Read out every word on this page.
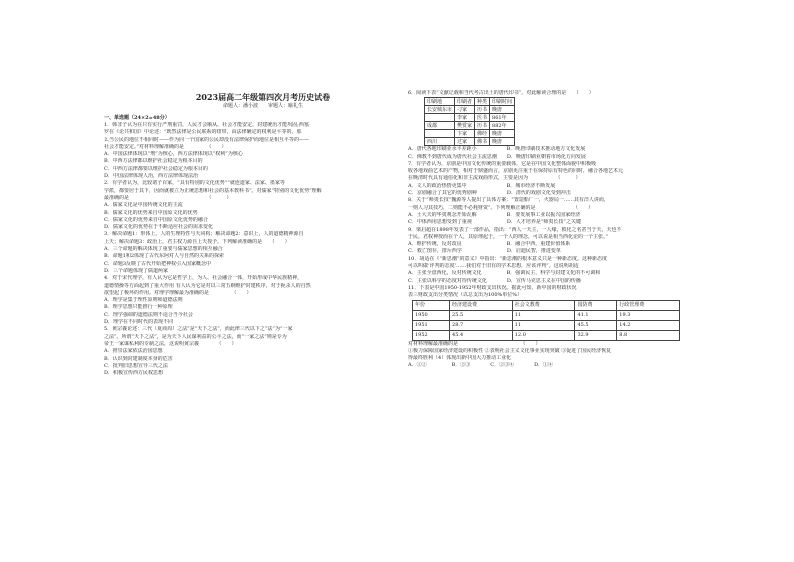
2023届高二年级第四次月考历史试卷
命题人：潘小波　　审题人：喻礼生
一、单选题（24×2=48分）
1．韩非子认为在只有实行严刑重罚，人民才会顺从，社会才能安定，封建统治才能巩固;西塞
罗在《论共和国》中论述：“既然法律是公民联系的纽带，由法律确定的权利是平等的，那
么当公民的地位不相同时——作为同一个国家的公民却没有法律保护而地位是相互平等的——
社会才能安定。”对材料理解准确的是　　　　　（　　）
A．中国法律体现以“刑”为核心，西方法律体现以“权利”为核心
B．中西方法律都以维护社会稳定为根本目的
C．中西方法律都要以维护社会稳定为根本目的
D．中国法律体现人治，西方法律体现法治
2．有学者认为，比较诸子百家，“具有特别的文化优势”“就连道家、法家、墨家等
学派，都要居于其下，因而就被立为正统思想和社会的基本教科书”。对儒家“特别的文化优势”理解
最准确的是　　　　　　　　　　　　　　　　（　　　）
A．儒家文化是中国传统文化的主流
B．儒家文化的优势来自中国原文化的优势
C．儒家文化的优势来自中国原文化优势的融合
D．儒家文化的优势在于不断适应社会的需求变化
3．解决命题1：形体上，人的生理特性与天同构；解决命题2：意识上，人的道德精神源自
上天；解决命题3：政治上，君主权力源自上天授予。下列解读准确的是　　（　　）
A．三个命题的解决体现了重要与儒家思想的相互融合
B．命题1和2体现了古代东阿对人与自然的关系的探索
C．命题3反映了古代开始把神权引入国家概念中
D．三个命题体现了儒道两家
4．对于宋代理学，有人认为它是哲学上，为人、社会融合一体，开始形成中华民族精神，
道德情操等方面起到了重大作用 有人认为它是对以三常五纲维护封建秩序，对于扼杀人的自然
欲望起了极坏的作用。对理学理解最为准确的是　　　　　（　　）
A．理学是集于理性原则和道德法则
B．理学思想只能推行一种原理
C．理学强调的道德法则不适合当今社会
D．理学在不同时代的表现不同
5．黄宗羲论述：三代（夏商周）之法”是“天下之法”，而此律三代以下之“法”为“一家
之法”。所谓“天下之法”，是为天下人民谋利益的公平之法，而“一家之法”则是专为
帝王一家谋私利的专制之法，这说明黄宗羲　　　　（　　）
A．推崇法家依法治国思想
B．认识到封建制度本身的危害
C．批判旧思想宣导三代之法
D．积极宣传西方民权思想
6．阅读下表“文献记载和当代考古出土的唐代印书”。对此解读合理的是　　（　　）
印刷地	印刷者	种类	印刷时间
长安城东市	刁家	历书	晚唐
	李家	医书	861年
成都	樊赏家	历书	882年
	卞家	佛经	晚唐
西川	过家	佛书	晚唐
A．唐代各地印刷业水平差距小　　　　　　B．晚唐印刷技术推动地方文化发展
C．佛教不到唐代成为唐代社会主流思潮　　D．晚唐印刷业朝着市场化方向发展
7．有学者认为，京剧是中国文化传统的重要载体，它是在中国文化整体面貌中积极吸
收各地戏曲艺术的产物，相对于鼎盛而言，京剧更注重于在保持原有特色的同时，融合各地艺术元
在晚清时代具有通俗化和非主流戏曲形式，主要是因为　　　　　　（　　　）
A．文人的政治热情更集中　　　　　　　　B．城市经济不断发展
C．京剧融合了其它的优秀剧种　　　　　　D．清代的戏剧文化受到冲击
8．关于“师夷长技”魏源等人提出了具体方案：“置造船厂一，火器局一……其有洋人讲而，
一则人习其技巧，二则能不必耗财资”。下列理解正确的是　　　　　　　　（　　）
A．士大夫的华夷观念开始瓦解　　　　　　B．要发展事工业以振兴国家经济
C．中体西用思想受到了重视　　　　　　　D．人才培养是“师夷长技”之关键
9．梁启超在1898年发表了一部作品，指出：“西人一天主，一人缘，救化之名甚当于天，天也不
于民。君权神授而在个人，其原理起于。一个人的理念，可以说是相当西化论的一个主张。”
A．维护传统，反对改良　　　　　　　　　B．融合中西，重建价值体系
C．救亡图存，排斥西学　　　　　　　　　D．启迪民智，推进变革
10．胡适在《“新思潮”的意义》中指出：“新思潮的根本意义只是一种新态度。这种新态度
可以叫做‘评判的态度’……我们对于旧有的学术思想，应该评判”。这说明胡适
A．主张全盘西化，反对传统文化　　　　　B．强调民主，科学与封建文化的不可调和
C．主张以科学的态度对待传统文化　　　　D．宣传马克思主义在中国的传播
11．下表是中国1950-1952年财政支出状况。据此可知，新中国的财政状况
表三财政支出分类情况（以总支出为100%单位%）
年份	经济建设费	社会文教费	国防费	行政管理费
1950	25.5	11	41.1	19.3
1951	28.7	11	45.5	14.2
1952	45.4	12.0	32.9	8.8
对材料理解最准确的是　　　　　　　　　　　　　（　　）
①极力保障国家经济建设的积极性 ②表明社会主义文化事业实现突破 ③促进了国民经济恢复
得最终胜利（4）体现出新中国大力推动工业化
A．①②　　　　　B．②③　　　　C．②③④　　　　D．①④
